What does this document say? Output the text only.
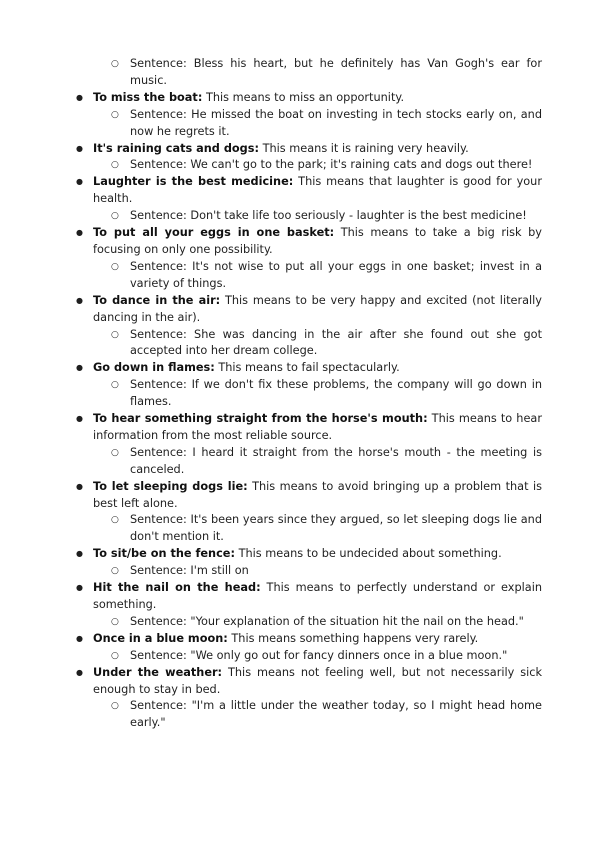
○ Sentence: Bless his heart, but he definitely has Van Gogh's ear for music.
● To miss the boat: This means to miss an opportunity.
○ Sentence: He missed the boat on investing in tech stocks early on, and now he regrets it.
● It's raining cats and dogs: This means it is raining very heavily.
○ Sentence: We can't go to the park; it's raining cats and dogs out there!
● Laughter is the best medicine: This means that laughter is good for your health.
○ Sentence: Don't take life too seriously - laughter is the best medicine!
● To put all your eggs in one basket: This means to take a big risk by focusing on only one possibility.
○ Sentence: It's not wise to put all your eggs in one basket; invest in a variety of things.
● To dance in the air: This means to be very happy and excited (not literally dancing in the air).
○ Sentence: She was dancing in the air after she found out she got accepted into her dream college.
● Go down in flames: This means to fail spectacularly.
○ Sentence: If we don't fix these problems, the company will go down in flames.
● To hear something straight from the horse's mouth: This means to hear information from the most reliable source.
○ Sentence: I heard it straight from the horse's mouth - the meeting is canceled.
● To let sleeping dogs lie: This means to avoid bringing up a problem that is best left alone.
○ Sentence: It's been years since they argued, so let sleeping dogs lie and don't mention it.
● To sit/be on the fence: This means to be undecided about something.
○ Sentence: I'm still on
● Hit the nail on the head: This means to perfectly understand or explain something.
○ Sentence: "Your explanation of the situation hit the nail on the head."
● Once in a blue moon: This means something happens very rarely.
○ Sentence: "We only go out for fancy dinners once in a blue moon."
● Under the weather: This means not feeling well, but not necessarily sick enough to stay in bed.
○ Sentence: "I'm a little under the weather today, so I might head home early."
